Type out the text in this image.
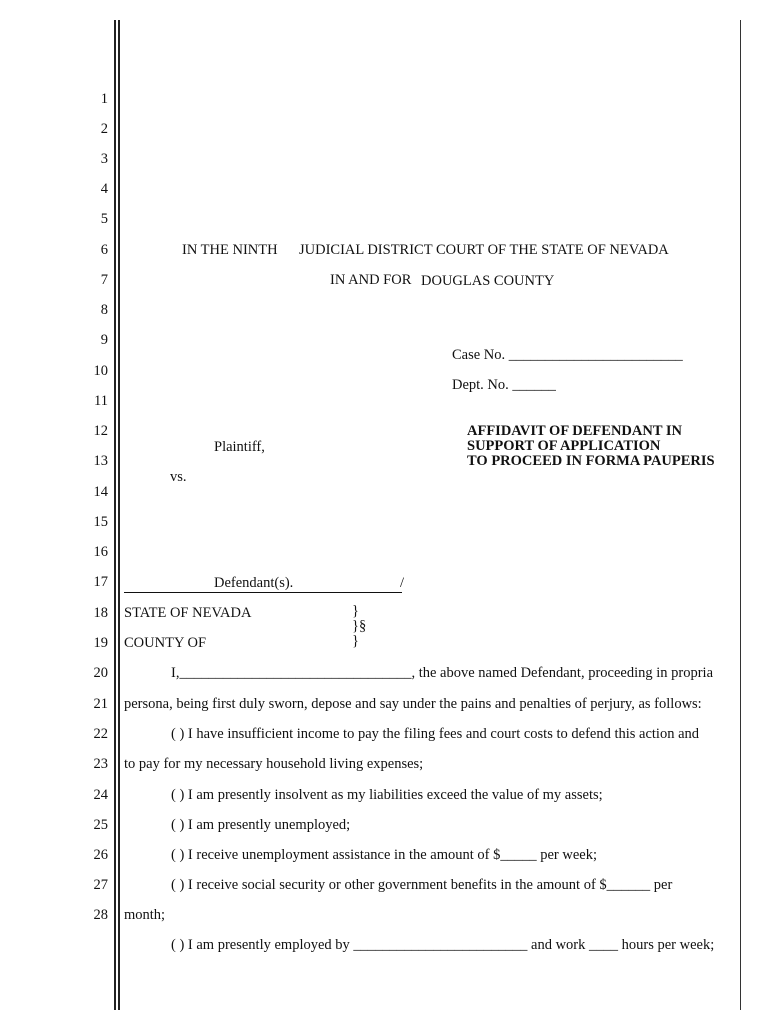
1
2
3
4
5
6
7
8
9
10
11
12
13
14
15
16
17
18
19
20
21
22
23
24
25
26
27
28
IN THE NINTH JUDICIAL DISTRICT COURT OF THE STATE OF NEVADA
IN AND FOR DOUGLAS COUNTY
Case No. ________________________
Dept. No. ______
AFFIDAVIT OF DEFENDANT IN
SUPPORT OF APPLICATION
TO PROCEED IN FORMA PAUPERIS
Plaintiff,
vs.
Defendant(s).	/
STATE OF NEVADA
COUNTY OF
}
}§
}
I,________________________________, the above named Defendant, proceeding in propria
persona, being first duly sworn, depose and say under the pains and penalties of perjury, as follows:
( ) I have insufficient income to pay the filing fees and court costs to defend this action and
to pay for my necessary household living expenses;
( ) I am presently insolvent as my liabilities exceed the value of my assets;
( ) I am presently unemployed;
( ) I receive unemployment assistance in the amount of $_____ per week;
( ) I receive social security or other government benefits in the amount of $______ per
month;
( ) I am presently employed by ________________________ and work ____ hours per week;
